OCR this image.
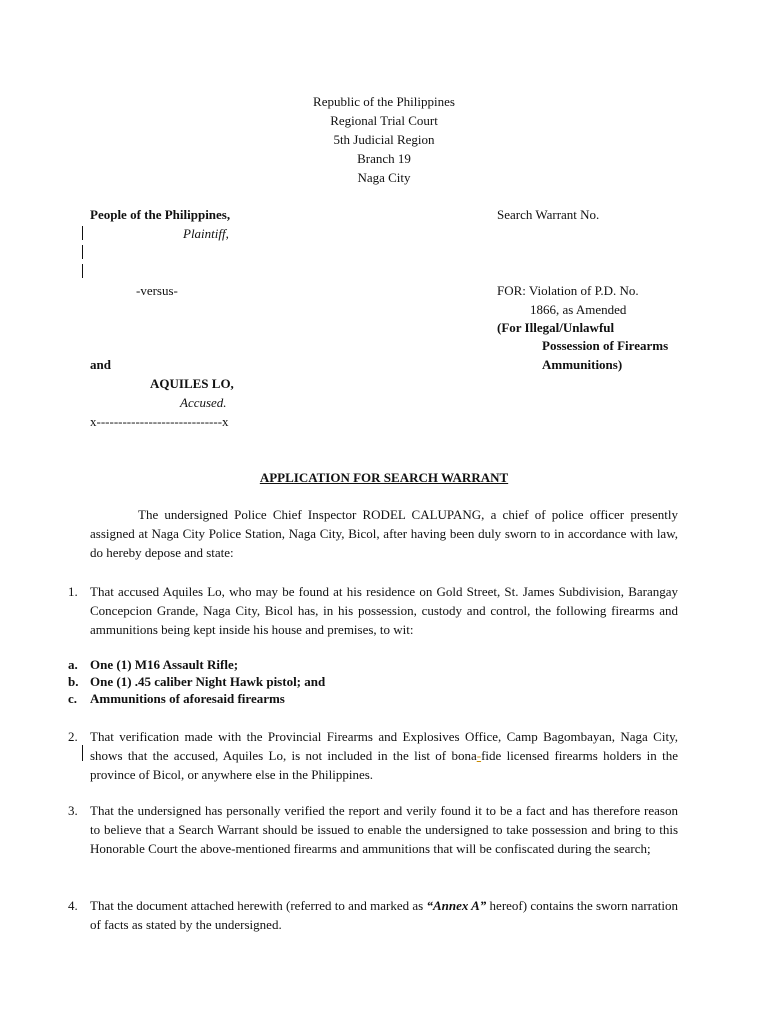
Republic of the Philippines
Regional Trial Court
5th Judicial Region
Branch 19
Naga City
People of the Philippines,
Plaintiff,
-versus-
and
AQUILES LO,
Accused.
x-----------------------------x
Search Warrant No.
FOR: Violation of P.D. No.
1866, as Amended
(For Illegal/Unlawful
Possession of Firearms
Ammunitions)
APPLICATION FOR SEARCH WARRANT
The undersigned Police Chief Inspector RODEL CALUPANG, a chief of police officer presently assigned at Naga City Police Station, Naga City, Bicol, after having been duly sworn to in accordance with law, do hereby depose and state:
1. That accused Aquiles Lo, who may be found at his residence on Gold Street, St. James Subdivision, Barangay Concepcion Grande, Naga City, Bicol has, in his possession, custody and control, the following firearms and ammunitions being kept inside his house and premises, to wit:
a. One (1) M16 Assault Rifle;
b. One (1) .45 caliber Night Hawk pistol; and
c. Ammunitions of aforesaid firearms
2. That verification made with the Provincial Firearms and Explosives Office, Camp Bagombayan, Naga City, shows that the accused, Aquiles Lo, is not included in the list of bona-fide licensed firearms holders in the province of Bicol, or anywhere else in the Philippines.
3. That the undersigned has personally verified the report and verily found it to be a fact and has therefore reason to believe that a Search Warrant should be issued to enable the undersigned to take possession and bring to this Honorable Court the above-mentioned firearms and ammunitions that will be confiscated during the search;
4. That the document attached herewith (referred to and marked as “Annex A” hereof) contains the sworn narration of facts as stated by the undersigned.
